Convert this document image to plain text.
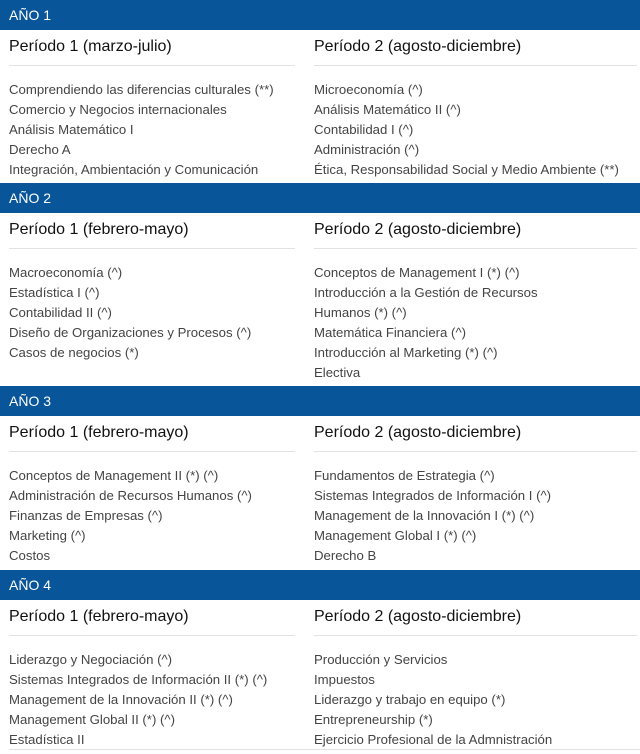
AÑO 1
Período 1 (marzo-julio)
Comprendiendo las diferencias culturales (**)
Comercio y Negocios internacionales
Análisis Matemático I
Derecho A
Integración, Ambientación y Comunicación
Período 2 (agosto-diciembre)
Microeconomía (^)
Análisis Matemático II (^)
Contabilidad I (^)
Administración (^)
Ética, Responsabilidad Social y Medio Ambiente (**)
AÑO 2
Período 1 (febrero-mayo)
Macroeconomía (^)
Estadística I (^)
Contabilidad II (^)
Diseño de Organizaciones y Procesos (^)
Casos de negocios (*)
Período 2 (agosto-diciembre)
Conceptos de Management I (*) (^)
Introducción a la Gestión de Recursos
Humanos (*) (^)
Matemática Financiera (^)
Introducción al Marketing (*) (^)
Electiva
AÑO 3
Período 1 (febrero-mayo)
Conceptos de Management II (*) (^)
Administración de Recursos Humanos (^)
Finanzas de Empresas (^)
Marketing (^)
Costos
Período 2 (agosto-diciembre)
Fundamentos de Estrategia (^)
Sistemas Integrados de Información I (^)
Management de la Innovación I (*) (^)
Management Global I (*) (^)
Derecho B
AÑO 4
Período 1 (febrero-mayo)
Liderazgo y Negociación (^)
Sistemas Integrados de Información II (*) (^)
Management de la Innovación II (*) (^)
Management Global II (*) (^)
Estadística II
Período 2 (agosto-diciembre)
Producción y Servicios
Impuestos
Liderazgo y trabajo en equipo (*)
Entrepreneurship (*)
Ejercicio Profesional de la Admnistración
